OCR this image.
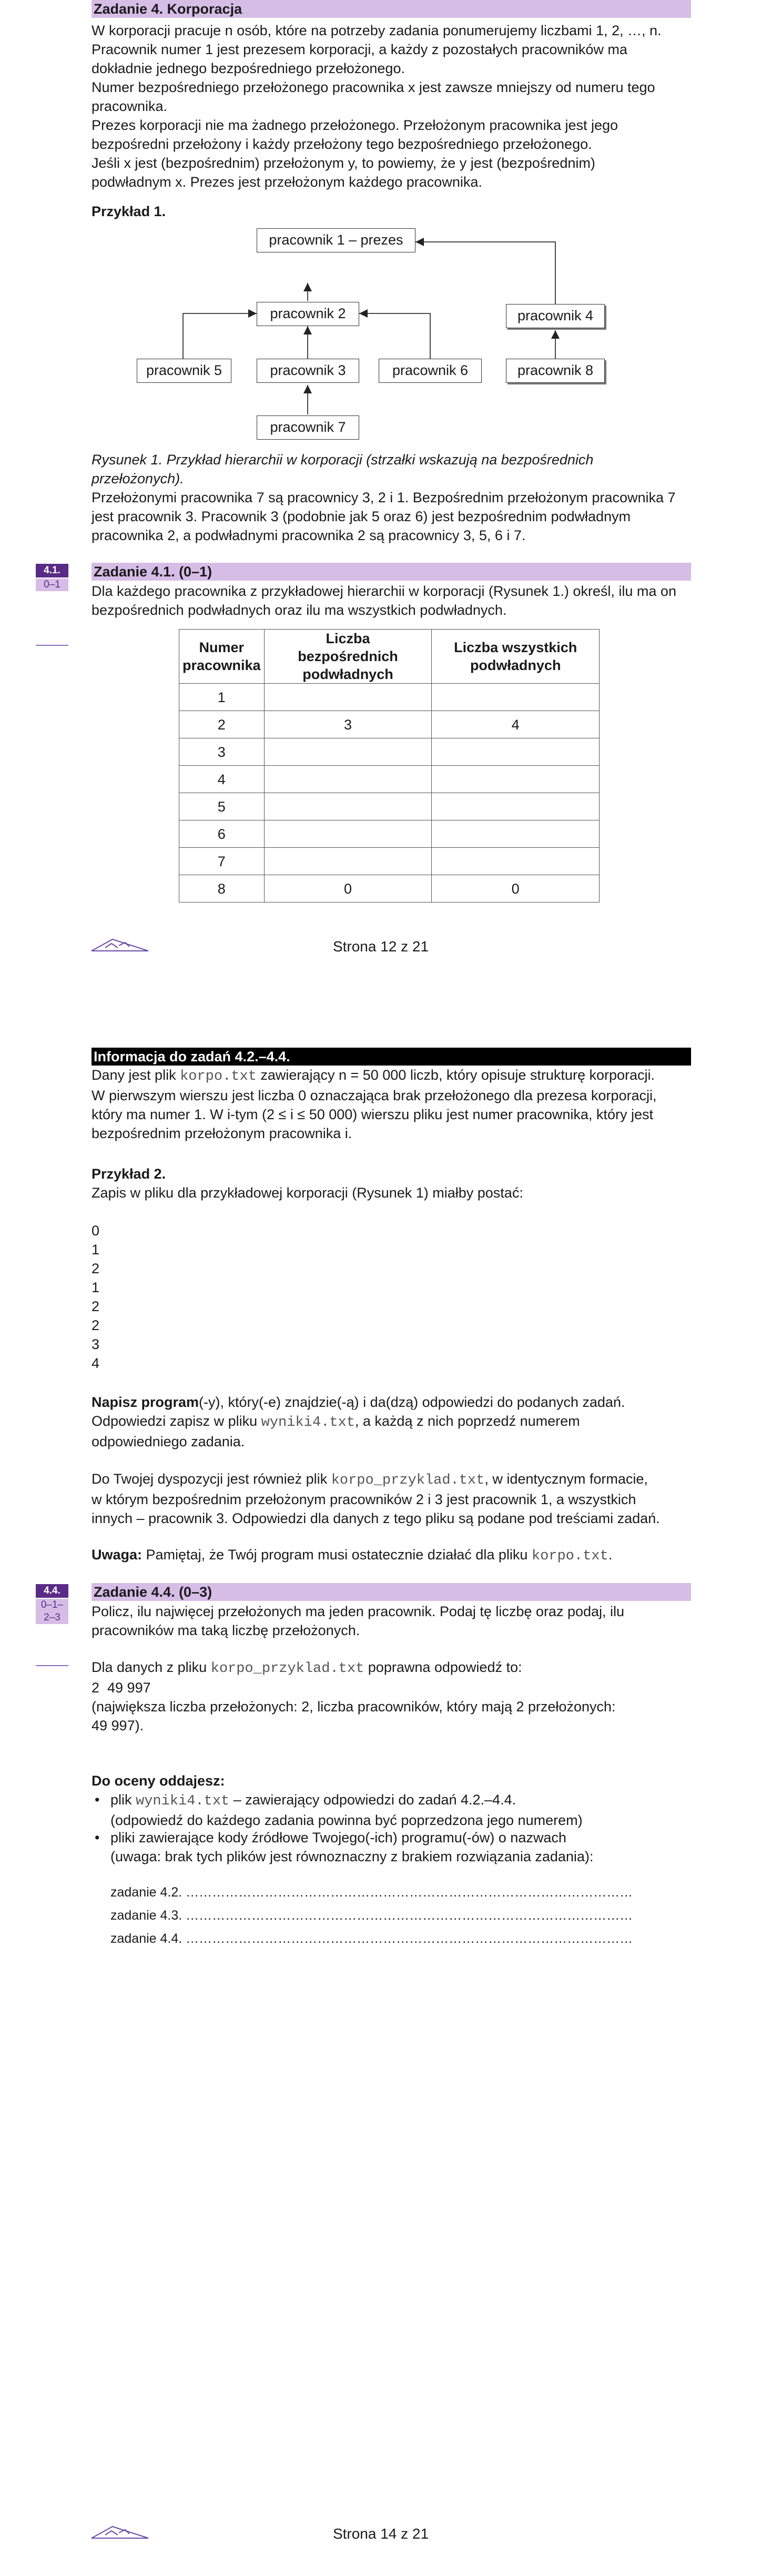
Zadanie 4. Korporacja

W korporacji pracuje n osób, które na potrzeby zadania ponumerujemy liczbami 1, 2, …, n.

Pracownik numer 1 jest prezesem korporacji, a każdy z pozostałych pracowników ma

dokładnie jednego bezpośredniego przełożonego.

Numer bezpośredniego przełożonego pracownika x jest zawsze mniejszy od numeru tego

pracownika.

Prezes korporacji nie ma żadnego przełożonego. Przełożonym pracownika jest jego

bezpośredni przełożony i każdy przełożony tego bezpośredniego przełożonego.

Jeśli x jest (bezpośrednim) przełożonym y, to powiemy, że y jest (bezpośrednim)

podwładnym x. Prezes jest przełożonym każdego pracownika.

Przykład 1.
pracownik 1 – prezes
pracownik 2	pracownik 4
pracownik 5	pracownik 3	pracownik 6	pracownik 8
pracownik 7

Rysunek 1. Przykład hierarchii w korporacji (strzałki wskazują na bezpośrednich

przełożonych).

Przełożonymi pracownika 7 są pracownicy 3, 2 i 1. Bezpośrednim przełożonym pracownika 7

jest pracownik 3. Pracownik 3 (podobnie jak 5 oraz 6) jest bezpośrednim podwładnym

pracownika 2, a podwładnymi pracownika 2 są pracownicy 3, 5, 6 i 7.

4.1.
0–1
Zadanie 4.1. (0–1)

Dla każdego pracownika z przykładowej hierarchii w korporacji (Rysunek 1.) określ, ilu ma on

bezpośrednich podwładnych oraz ilu ma wszystkich podwładnych.

Numer pracownika	Liczba bezpośrednich podwładnych	Liczba wszystkich podwładnych
1		
2	3	4
3		
4		
5		
6		
7		
8	0	0
Strona 12 z 21
Informacja do zadań 4.2.–4.4.

Dany jest plik korpo.txt zawierający n = 50 000 liczb, który opisuje strukturę korporacji.

W pierwszym wierszu jest liczba 0 oznaczająca brak przełożonego dla prezesa korporacji,

który ma numer 1. W i-tym (2 ≤ i ≤ 50 000) wierszu pliku jest numer pracownika, który jest

bezpośrednim przełożonym pracownika i.

Przykład 2.
Zapis w pliku dla przykładowej korporacji (Rysunek 1) miałby postać:

0

1

2

1

2

2

3

4

Napisz program(-y), który(-e) znajdzie(-ą) i da(dzą) odpowiedzi do podanych zadań.

Odpowiedzi zapisz w pliku wyniki4.txt, a każdą z nich poprzedź numerem

odpowiedniego zadania.

Do Twojej dyspozycji jest również plik korpo_przyklad.txt, w identycznym formacie,

w którym bezpośrednim przełożonym pracowników 2 i 3 jest pracownik 1, a wszystkich

innych – pracownik 3. Odpowiedzi dla danych z tego pliku są podane pod treściami zadań.

Uwaga: Pamiętaj, że Twój program musi ostatecznie działać dla pliku korpo.txt.

4.4.
0–1–
2–3
Zadanie 4.4. (0–3)

Policz, ilu najwięcej przełożonych ma jeden pracownik. Podaj tę liczbę oraz podaj, ilu

pracowników ma taką liczbę przełożonych.

Dla danych z pliku korpo_przyklad.txt poprawna odpowiedź to:

2  49 997

(największa liczba przełożonych: 2, liczba pracowników, który mają 2 przełożonych:

49 997).

Do oceny oddajesz:
• plik wyniki4.txt – zawierający odpowiedzi do zadań 4.2.–4.4.

(odpowiedź do każdego zadania powinna być poprzedzona jego numerem)

• pliki zawierające kody źródłowe Twojego(-ich) programu(-ów) o nazwach

(uwaga: brak tych plików jest równoznaczny z brakiem rozwiązania zadania):

zadanie 4.2. …………………………………………………………………………………………
zadanie 4.3. …………………………………………………………………………………………
zadanie 4.4. …………………………………………………………………………………………
Strona 14 z 21
